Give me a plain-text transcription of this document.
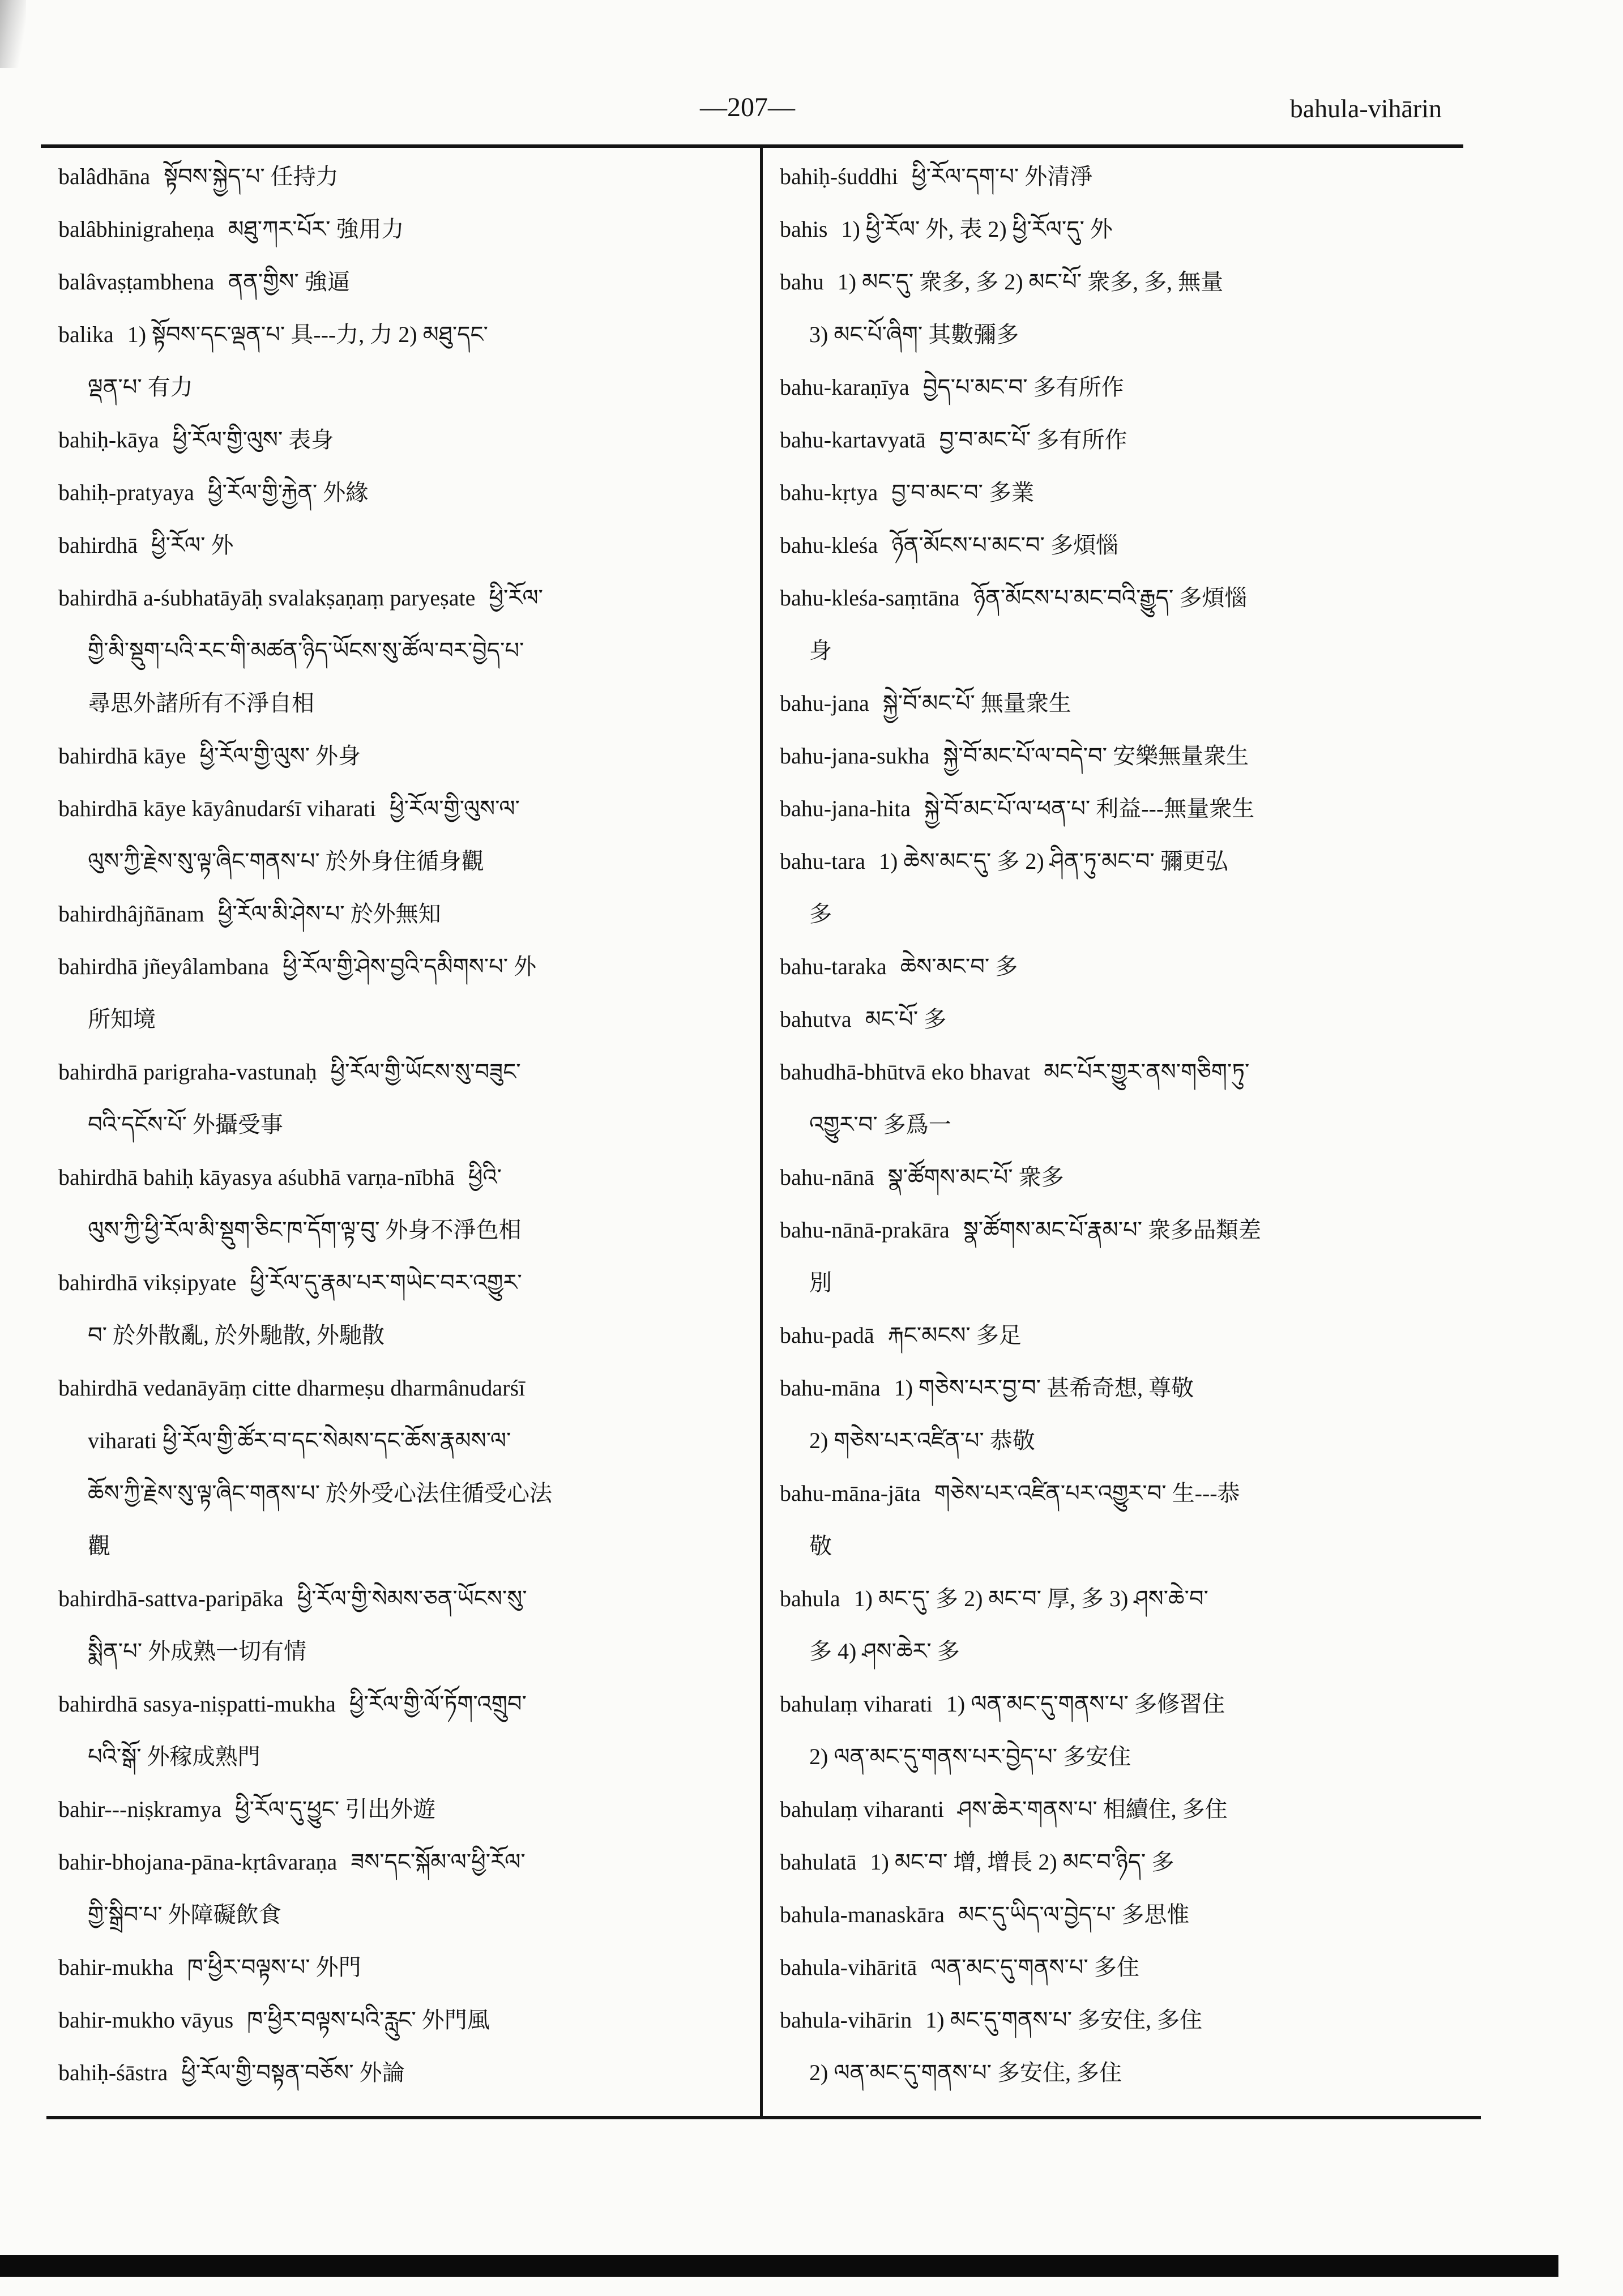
—207—	bahula-vihārin
balâdhāna སྟོབས་སྐྱེད་པ་ 任持力
balâbhinigraheṇa མཐུ་ཀར་པོར་ 強用力
balâvaṣṭambhena ནན་གྱིས་ 強逼
balika 1) སྟོབས་དང་ལྡན་པ་ 具---力, 力 2) མཐུ་དང་
ལྡན་པ་ 有力
bahiḥ-kāya ཕྱི་རོལ་གྱི་ལུས་ 表身
bahiḥ-pratyaya ཕྱི་རོལ་གྱི་རྐྱེན་ 外緣
bahirdhā ཕྱི་རོལ་ 外
bahirdhā a-śubhatāyāḥ svalakṣaṇaṃ paryeṣate ཕྱི་རོལ་
གྱི་མི་སྡུག་པའི་རང་གི་མཚན་ཉིད་ཡོངས་སུ་ཚོལ་བར་བྱེད་པ་
尋思外諸所有不淨自相
bahirdhā kāye ཕྱི་རོལ་གྱི་ལུས་ 外身
bahirdhā kāye kāyânudarśī viharati ཕྱི་རོལ་གྱི་ལུས་ལ་
ལུས་ཀྱི་རྗེས་སུ་ལྟ་ཞིང་གནས་པ་ 於外身住循身觀
bahirdhâjñānam ཕྱི་རོལ་མི་ཤེས་པ་ 於外無知
bahirdhā jñeyâlambana ཕྱི་རོལ་གྱི་ཤེས་བྱའི་དམིགས་པ་ 外
所知境
bahirdhā parigraha-vastunaḥ ཕྱི་རོལ་གྱི་ཡོངས་སུ་བཟུང་
བའི་དངོས་པོ་ 外攝受事
bahirdhā bahiḥ kāyasya aśubhā varṇa-nībhā ཕྱིའི་
ལུས་ཀྱི་ཕྱི་རོལ་མི་སྡུག་ཅིང་ཁ་དོག་ལྟ་བུ་ 外身不淨色相
bahirdhā vikṣipyate ཕྱི་རོལ་དུ་རྣམ་པར་གཡེང་བར་འགྱུར་
བ་ 於外散亂, 於外馳散, 外馳散
bahirdhā vedanāyāṃ citte dharmeṣu dharmânudarśī
viharati ཕྱི་རོལ་གྱི་ཚོར་བ་དང་སེམས་དང་ཆོས་རྣམས་ལ་
ཆོས་ཀྱི་རྗེས་སུ་ལྟ་ཞིང་གནས་པ་ 於外受心法住循受心法
觀
bahirdhā-sattva-paripāka ཕྱི་རོལ་གྱི་སེམས་ཅན་ཡོངས་སུ་
སྨིན་པ་ 外成熟一切有情
bahirdhā sasya-niṣpatti-mukha ཕྱི་རོལ་གྱི་ལོ་ཏོག་འགྲུབ་
པའི་སྒོ་ 外稼成熟門
bahir---niṣkramya ཕྱི་རོལ་དུ་ཕྱུང་ 引出外遊
bahir-bhojana-pāna-kṛtâvaraṇa ཟས་དང་སྐོམ་ལ་ཕྱི་རོལ་
གྱི་སྒྲིབ་པ་ 外障礙飲食
bahir-mukha ཁ་ཕྱིར་བལྟས་པ་ 外門
bahir-mukho vāyus ཁ་ཕྱིར་བལྟས་པའི་རླུང་ 外門風
bahiḥ-śāstra ཕྱི་རོལ་གྱི་བསྟན་བཅོས་ 外論
bahiḥ-śuddhi ཕྱི་རོལ་དག་པ་ 外清淨
bahis 1) ཕྱི་རོལ་ 外, 表 2) ཕྱི་རོལ་དུ་ 外
bahu 1) མང་དུ་ 衆多, 多 2) མང་པོ་ 衆多, 多, 無量
3) མང་པོ་ཞིག་ 其數彌多
bahu-karaṇīya བྱེད་པ་མང་བ་ 多有所作
bahu-kartavyatā བྱ་བ་མང་པོ་ 多有所作
bahu-kṛtya བྱ་བ་མང་བ་ 多業
bahu-kleśa ཉོན་མོངས་པ་མང་བ་ 多煩惱
bahu-kleśa-saṃtāna ཉོན་མོངས་པ་མང་བའི་རྒྱུད་ 多煩惱
身
bahu-jana སྐྱེ་བོ་མང་པོ་ 無量衆生
bahu-jana-sukha སྐྱེ་བོ་མང་པོ་ལ་བདེ་བ་ 安樂無量衆生
bahu-jana-hita སྐྱེ་བོ་མང་པོ་ལ་ཕན་པ་ 利益---無量衆生
bahu-tara 1) ཆེས་མང་དུ་ 多 2) ཤིན་ཏུ་མང་བ་ 彌更弘
多
bahu-taraka ཆེས་མང་བ་ 多
bahutva མང་པོ་ 多
bahudhā-bhūtvā eko bhavat མང་པོར་གྱུར་ནས་གཅིག་ཏུ་
འགྱུར་བ་ 多爲一
bahu-nānā སྣ་ཚོགས་མང་པོ་ 衆多
bahu-nānā-prakāra སྣ་ཚོགས་མང་པོ་རྣམ་པ་ 衆多品類差
別
bahu-padā རྐང་མངས་ 多足
bahu-māna 1) གཅེས་པར་བྱ་བ་ 甚希奇想, 尊敬
2) གཅེས་པར་འཛིན་པ་ 恭敬
bahu-māna-jāta གཅེས་པར་འཛིན་པར་འགྱུར་བ་ 生---恭
敬
bahula 1) མང་དུ་ 多 2) མང་བ་ 厚, 多 3) ཤས་ཆེ་བ་
多 4) ཤས་ཆེར་ 多
bahulaṃ viharati 1) ལན་མང་དུ་གནས་པ་ 多修習住
2) ལན་མང་དུ་གནས་པར་བྱེད་པ་ 多安住
bahulaṃ viharanti ཤས་ཆེར་གནས་པ་ 相續住, 多住
bahulatā 1) མང་བ་ 增, 增長 2) མང་བ་ཉིད་ 多
bahula-manaskāra མང་དུ་ཡིད་ལ་བྱེད་པ་ 多思惟
bahula-vihāritā ལན་མང་དུ་གནས་པ་ 多住
bahula-vihārin 1) མང་དུ་གནས་པ་ 多安住, 多住
2) ལན་མང་དུ་གནས་པ་ 多安住, 多住
